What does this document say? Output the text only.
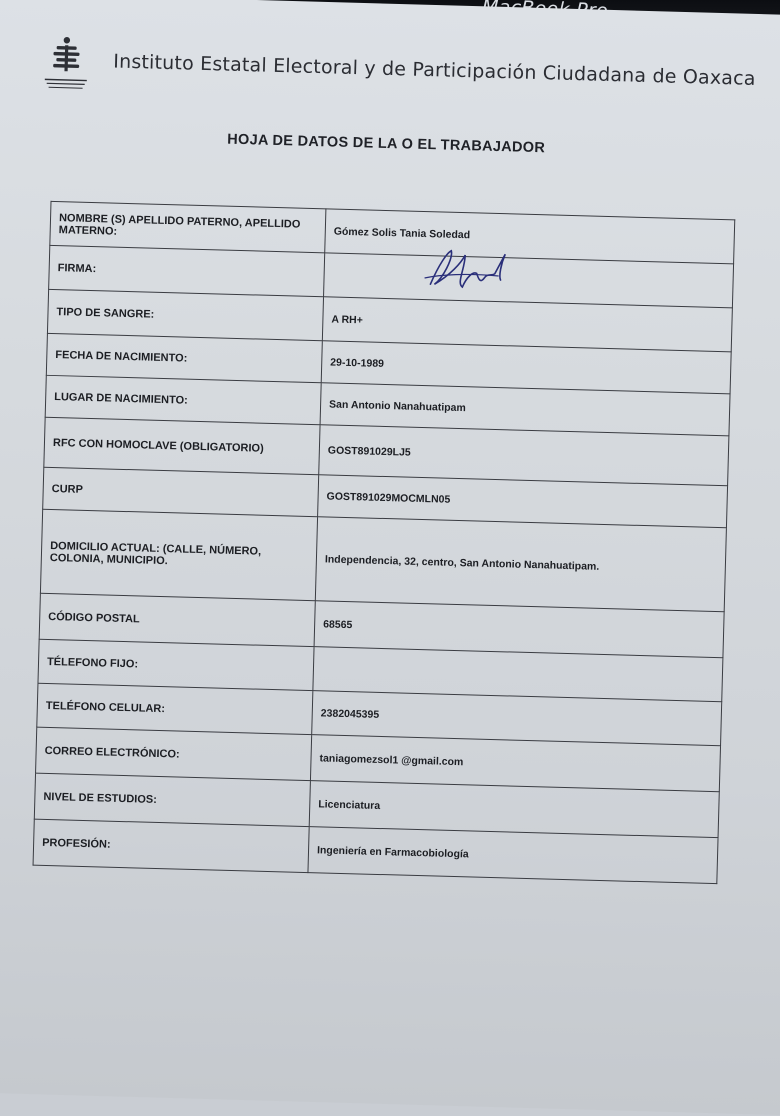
Instituto Estatal Electoral y de Participación Ciudadana de Oaxaca
HOJA DE DATOS DE LA O EL TRABAJADOR
NOMBRE (S) APELLIDO PATERNO, APELLIDO MATERNO:	Gómez Solis Tania Soledad
FIRMA:	

TIPO DE SANGRE:	A RH+
FECHA DE NACIMIENTO:	29-10-1989
LUGAR DE NACIMIENTO:	San Antonio Nanahuatipam
RFC CON HOMOCLAVE (OBLIGATORIO)	GOST891029LJ5
CURP	GOST891029MOCMLN05
DOMICILIO ACTUAL: (CALLE, NÚMERO, COLONIA, MUNICIPIO.	Independencia, 32, centro, San Antonio Nanahuatipam.
CÓDIGO POSTAL	68565
TÉLEFONO FIJO:	
TELÉFONO CELULAR:	2382045395
CORREO ELECTRÓNICO:	taniagomezsol1 @gmail.com
NIVEL DE ESTUDIOS:	Licenciatura
PROFESIÓN:	Ingeniería en Farmacobiología
